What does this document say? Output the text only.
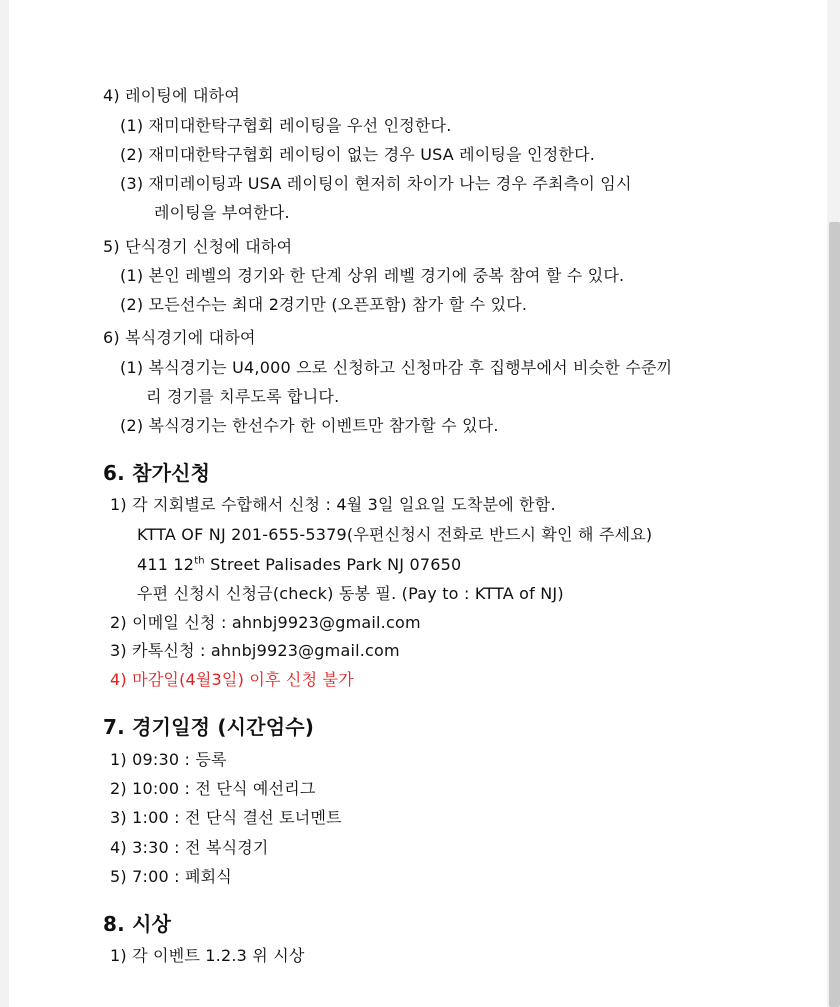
4) 레이팅에 대하여
(1) 재미대한탁구협회 레이팅을 우선 인정한다.
(2) 재미대한탁구협회 레이팅이 없는 경우 USA 레이팅을 인정한다.
(3) 재미레이팅과 USA 레이팅이 현저히 차이가 나는 경우 주최측이 임시
레이팅을 부여한다.
5) 단식경기 신청에 대하여
(1) 본인 레벨의 경기와 한 단계 상위 레벨 경기에 중복 참여 할 수 있다.
(2) 모든선수는 최대 2경기만 (오픈포함) 참가 할 수 있다.
6) 복식경기에 대하여
(1) 복식경기는 U4,000 으로 신청하고 신청마감 후 집행부에서 비슷한 수준끼
리 경기를 치루도록 합니다.
(2) 복식경기는 한선수가 한 이벤트만 참가할 수 있다.
6. 참가신청
1) 각 지회별로 수합해서 신청 : 4월 3일 일요일 도착분에 한함.
KTTA OF NJ 201-655-5379(우편신청시 전화로 반드시 확인 해 주세요)
411 12th Street Palisades Park NJ 07650
우편 신청시 신청금(check) 동봉 필. (Pay to : KTTA of NJ)
2) 이메일 신청 : ahnbj9923@gmail.com
3) 카톡신청 : ahnbj9923@gmail.com
4) 마감일(4월3일) 이후 신청 불가
7. 경기일정 (시간엄수)
1) 09:30 : 등록
2) 10:00 : 전 단식 예선리그
3) 1:00 : 전 단식 결선 토너멘트
4) 3:30 : 전 복식경기
5) 7:00 : 폐회식
8. 시상
1) 각 이벤트 1.2.3 위 시상
